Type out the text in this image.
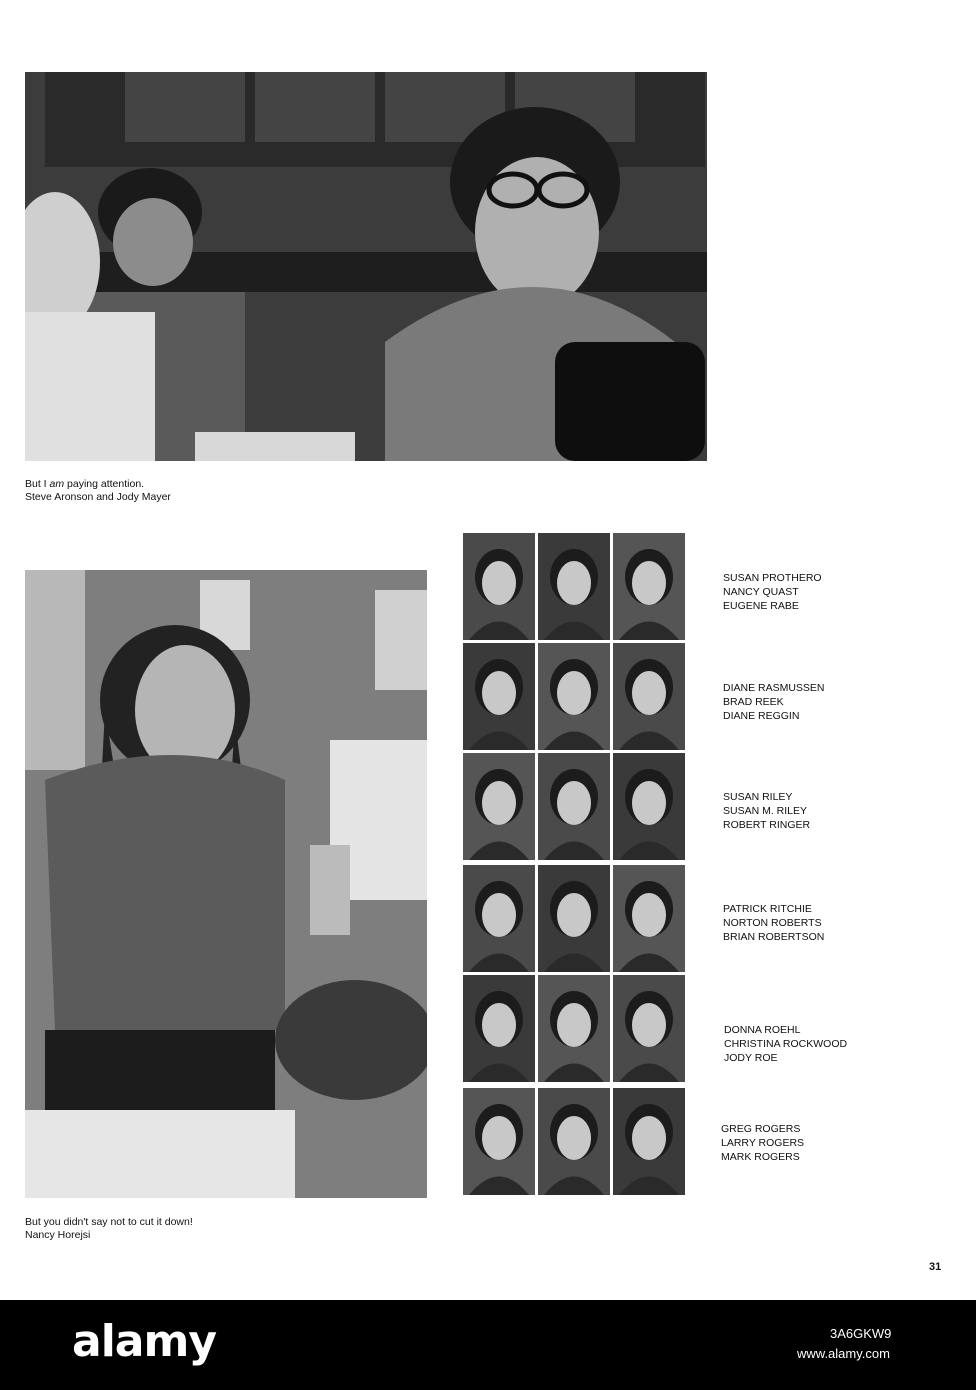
But I am paying attention.
Steve Aronson and Jody Mayer
But you didn't say not to cut it down!
Nancy Horejsi
SUSAN PROTHERO
NANCY QUAST
EUGENE RABE
DIANE RASMUSSEN
BRAD REEK
DIANE REGGIN
SUSAN RILEY
SUSAN M. RILEY
ROBERT RINGER
PATRICK RITCHIE
NORTON ROBERTS
BRIAN ROBERTSON
DONNA ROEHL
CHRISTINA ROCKWOOD
JODY ROE
GREG ROGERS
LARRY ROGERS
MARK ROGERS
31
alamy	3A6GKW9
www.alamy.com
